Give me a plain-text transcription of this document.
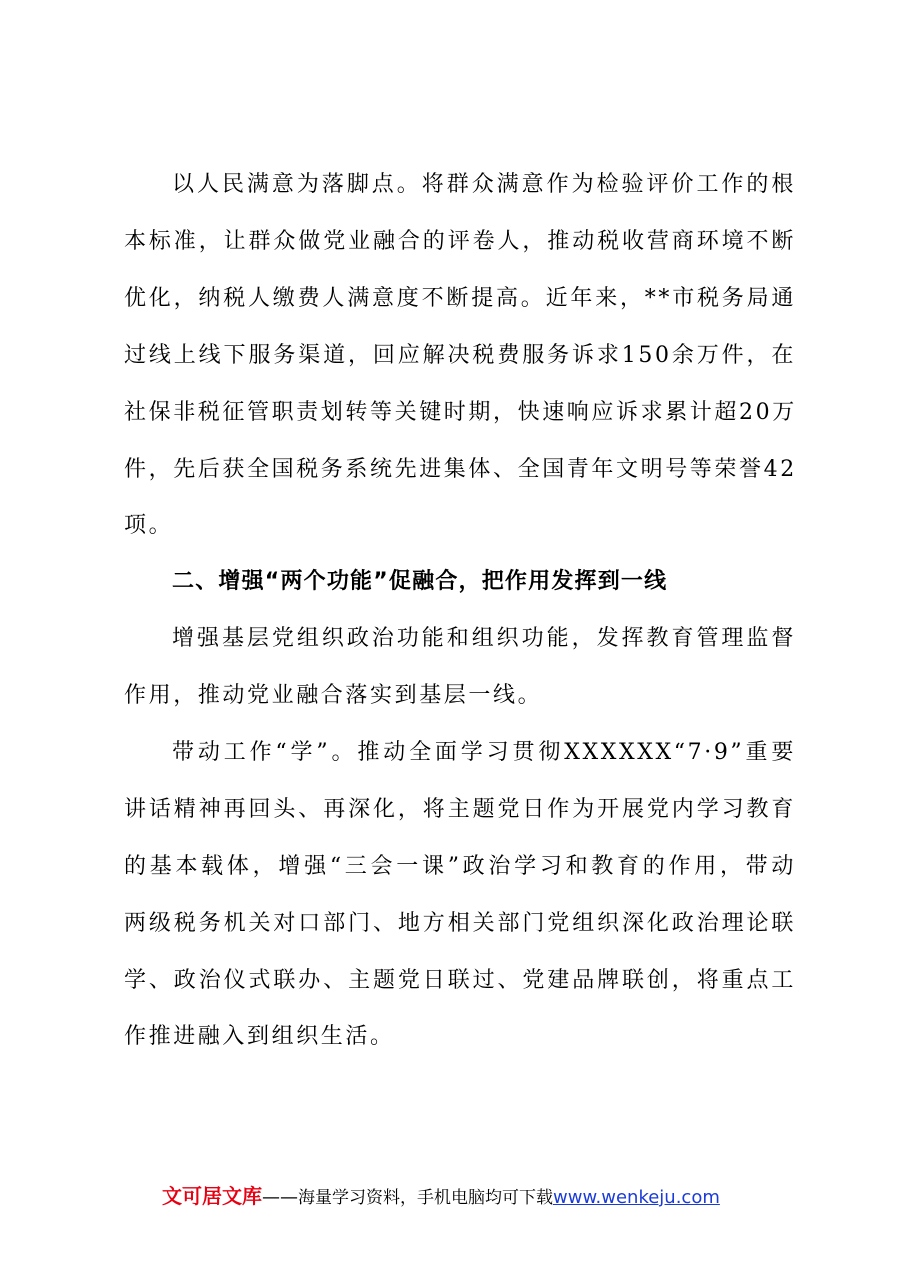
以人民满意为落脚点。将群众满意作为检验评价工作的根
本标准，让群众做党业融合的评卷人，推动税收营商环境不断
优化，纳税人缴费人满意度不断提高。近年来，**市税务局通
过线上线下服务渠道，回应解决税费服务诉求150余万件，在
社保非税征管职责划转等关键时期，快速响应诉求累计超20万
件，先后获全国税务系统先进集体、全国青年文明号等荣誉42
项。
二、增强“两个功能”促融合，把作用发挥到一线
增强基层党组织政治功能和组织功能，发挥教育管理监督
作用，推动党业融合落实到基层一线。
带动工作“学”。推动全面学习贯彻XXXXXX“7·9”重要
讲话精神再回头、再深化，将主题党日作为开展党内学习教育
的基本载体，增强“三会一课”政治学习和教育的作用，带动
两级税务机关对口部门、地方相关部门党组织深化政治理论联
学、政治仪式联办、主题党日联过、党建品牌联创，将重点工
作推进融入到组织生活。
文可居文库——海量学习资料，手机电脑均可下载www.wenkeju.com
